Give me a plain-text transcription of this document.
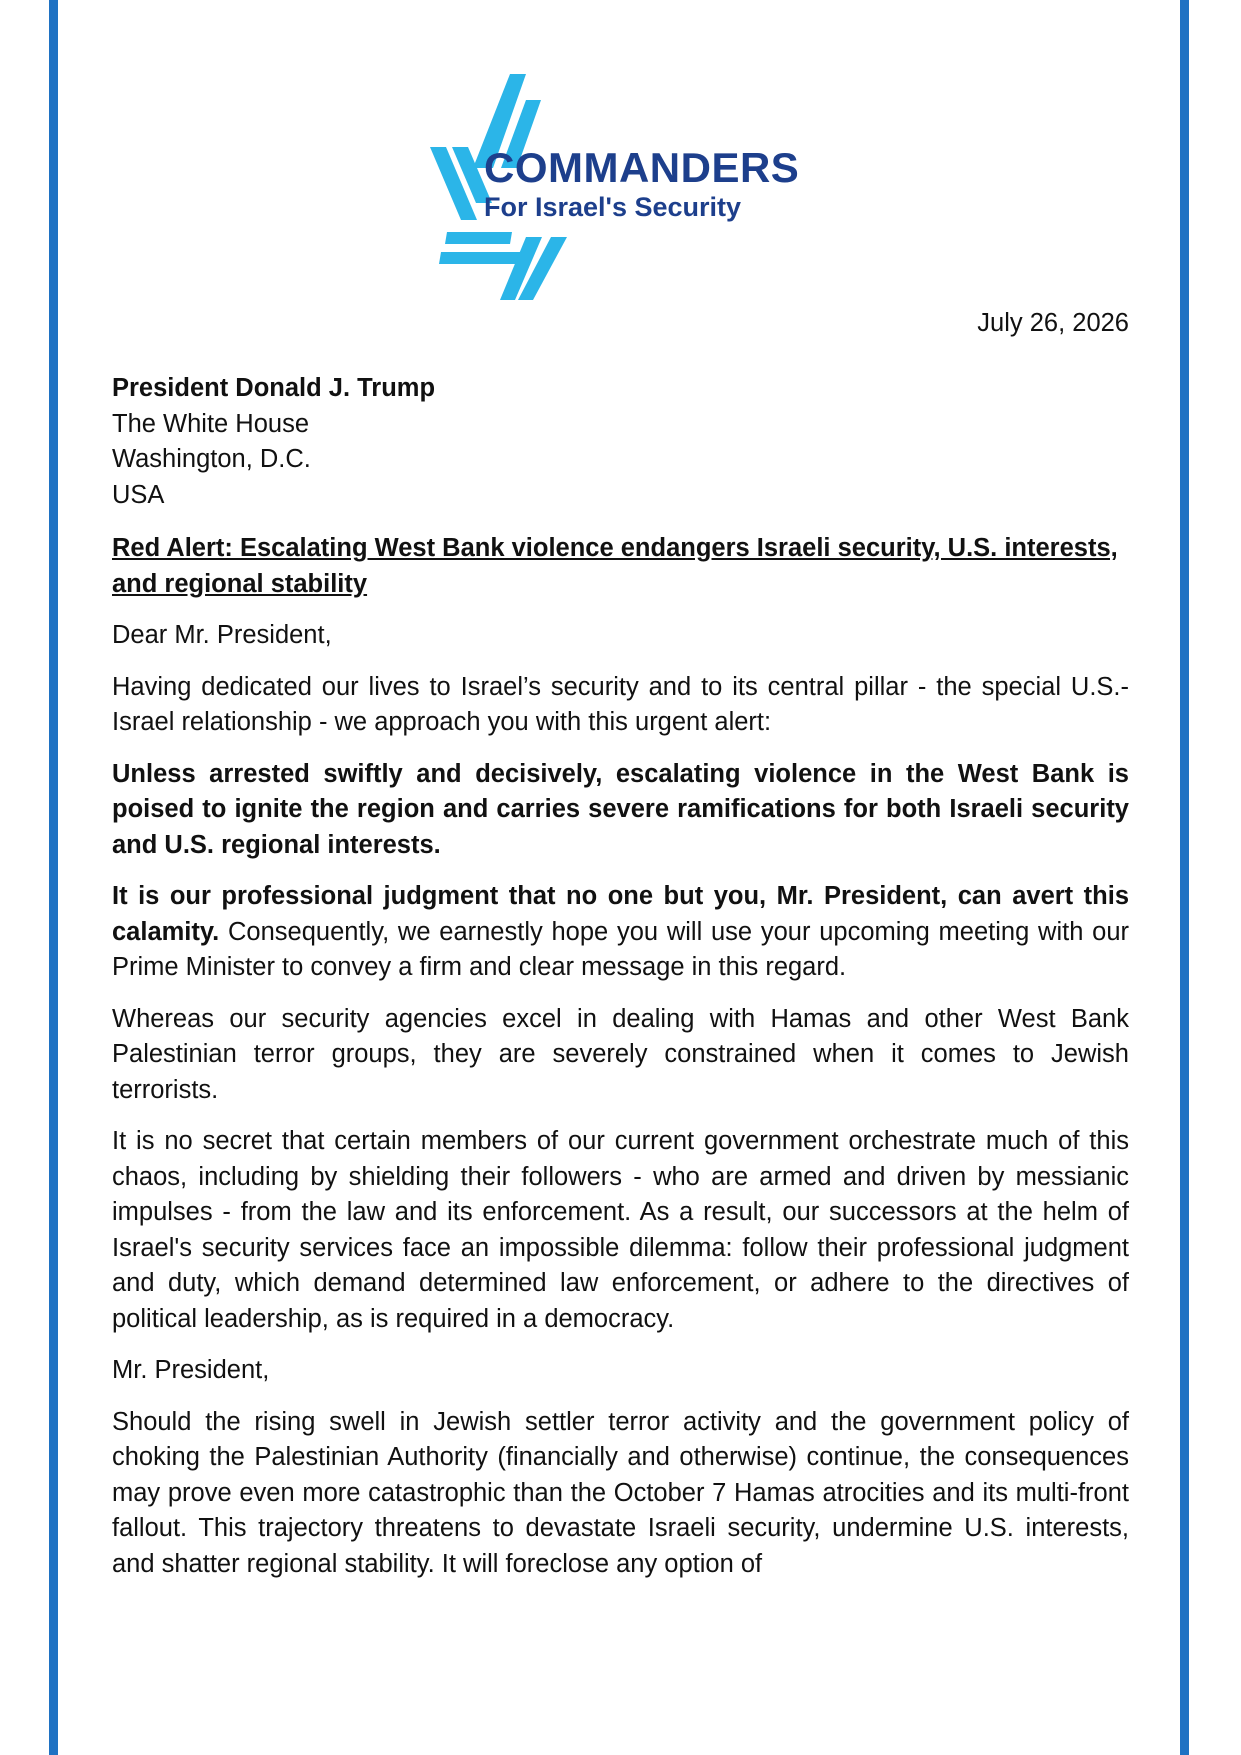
COMMANDERS
For Israel's Security
July 26, 2026
President Donald J. Trump
The White House
Washington, D.C.
USA

Red Alert: Escalating West Bank violence endangers Israeli security, U.S. interests, and regional stability

Dear Mr. President,

Having dedicated our lives to Israel’s security and to its central pillar - the special U.S.-Israel relationship - we approach you with this urgent alert:

Unless arrested swiftly and decisively, escalating violence in the West Bank is poised to ignite the region and carries severe ramifications for both Israeli security and U.S. regional interests.

It is our professional judgment that no one but you, Mr. President, can avert this calamity. Consequently, we earnestly hope you will use your upcoming meeting with our Prime Minister to convey a firm and clear message in this regard.

Whereas our security agencies excel in dealing with Hamas and other West Bank Palestinian terror groups, they are severely constrained when it comes to Jewish terrorists.

It is no secret that certain members of our current government orchestrate much of this chaos, including by shielding their followers - who are armed and driven by messianic impulses - from the law and its enforcement. As a result, our successors at the helm of Israel's security services face an impossible dilemma: follow their professional judgment and duty, which demand determined law enforcement, or adhere to the directives of political leadership, as is required in a democracy.

Mr. President,

Should the rising swell in Jewish settler terror activity and the government policy of choking the Palestinian Authority (financially and otherwise) continue, the consequences may prove even more catastrophic than the October 7 Hamas atrocities and its multi-front fallout. This trajectory threatens to devastate Israeli security, undermine U.S. interests, and shatter regional stability. It will foreclose any option of
